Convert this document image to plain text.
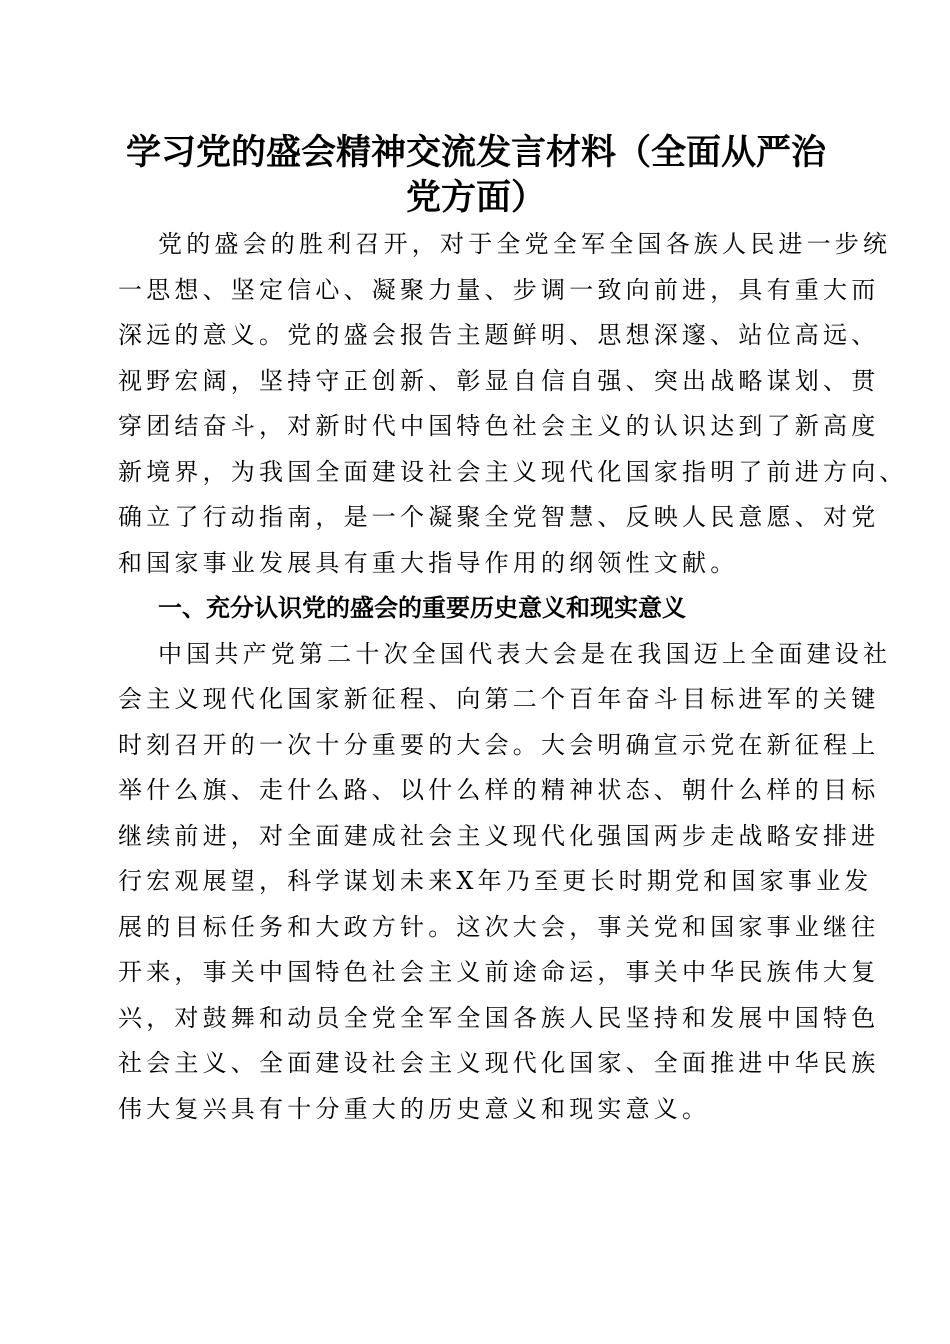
学习党的盛会精神交流发言材料（全面从严治
党方面）

党的盛会的胜利召开，对于全党全军全国各族人民进一步统
一思想、坚定信心、凝聚力量、步调一致向前进，具有重大而
深远的意义。党的盛会报告主题鲜明、思想深邃、站位高远、
视野宏阔，坚持守正创新、彰显自信自强、突出战略谋划、贯
穿团结奋斗，对新时代中国特色社会主义的认识达到了新高度
新境界，为我国全面建设社会主义现代化国家指明了前进方向、
确立了行动指南，是一个凝聚全党智慧、反映人民意愿、对党
和国家事业发展具有重大指导作用的纲领性文献。

一、充分认识党的盛会的重要历史意义和现实意义

中国共产党第二十次全国代表大会是在我国迈上全面建设社
会主义现代化国家新征程、向第二个百年奋斗目标进军的关键
时刻召开的一次十分重要的大会。大会明确宣示党在新征程上
举什么旗、走什么路、以什么样的精神状态、朝什么样的目标
继续前进，对全面建成社会主义现代化强国两步走战略安排进
行宏观展望，科学谋划未来X年乃至更长时期党和国家事业发
展的目标任务和大政方针。这次大会，事关党和国家事业继往
开来，事关中国特色社会主义前途命运，事关中华民族伟大复
兴，对鼓舞和动员全党全军全国各族人民坚持和发展中国特色
社会主义、全面建设社会主义现代化国家、全面推进中华民族
伟大复兴具有十分重大的历史意义和现实意义。
